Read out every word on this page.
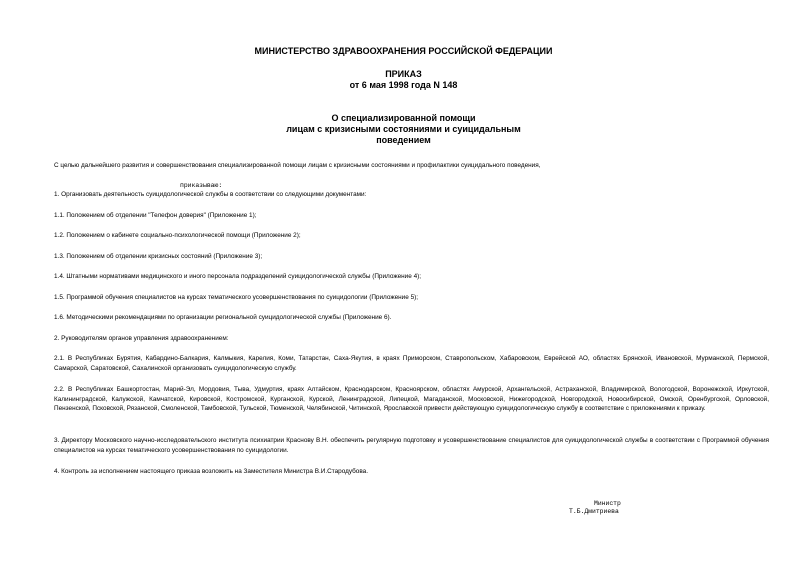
МИНИСТЕРСТВО ЗДРАВООХРАНЕНИЯ РОССИЙСКОЙ ФЕДЕРАЦИИ
ПРИКАЗ
от 6 мая 1998 года N 148
О специализированной помощи
лицам с кризисными состояниями и суицидальным
поведением
С целью дальнейшего развития и совершенствования специализированной помощи лицам с кризисными состояниями и профилактики суицидального поведения,
приказываю:
1. Организовать деятельность суицидологической службы в соответствии со следующими документами:
1.1. Положением об отделении "Телефон доверия" (Приложение 1);
1.2. Положением о кабинете социально-психологической помощи (Приложение 2);
1.3. Положением об отделении кризисных состояний (Приложение 3);
1.4. Штатными нормативами медицинского и иного персонала подразделений суицидологической службы (Приложение 4);
1.5. Программой обучения специалистов на курсах тематического усовершенствования по суицидологии (Приложение 5);
1.6. Методическими рекомендациями по организации региональной суицидологической службы (Приложение 6).
2. Руководителям органов управления здравоохранением:
2.1. В Республиках Бурятия, Кабардино-Балкария, Калмыкия, Карелия, Коми, Татарстан, Саха-Якутия, в краях Приморском, Ставропольском, Хабаровском, Еврейской АО, областях Брянской, Ивановской, Мурманской, Пермской, Самарской, Саратовской, Сахалинской организовать суицидологическую службу.
2.2. В Республиках Башкортостан, Марий-Эл, Мордовия, Тыва, Удмуртия, краях Алтайском, Краснодарском, Красноярском, областях Амурской, Архангельской, Астраханской, Владимирской, Вологодской, Воронежской, Иркутской, Калининградской, Калужской, Камчатской, Кировской, Костромской, Курганской, Курской, Ленинградской, Липецкой, Магаданской, Московской, Нижегородской, Новгородской, Новосибирской, Омской, Оренбургской, Орловской, Пензенской, Псковской, Рязанской, Смоленской, Тамбовской, Тульской, Тюменской, Челябинской, Читинской, Ярославской привести действующую суицидологическую службу в соответствие с приложениями к приказу.
3. Директору Московского научно-исследовательского института психиатрии Краснову В.Н. обеспечить регулярную подготовку и усовершенствование специалистов для суицидологической службы в соответствии с Программой обучения специалистов на курсах тематического усовершенствования по суицидологии.
4. Контроль за исполнением настоящего приказа возложить на Заместителя Министра В.И.Стародубова.
Министр
Т.Б.Дмитриева
